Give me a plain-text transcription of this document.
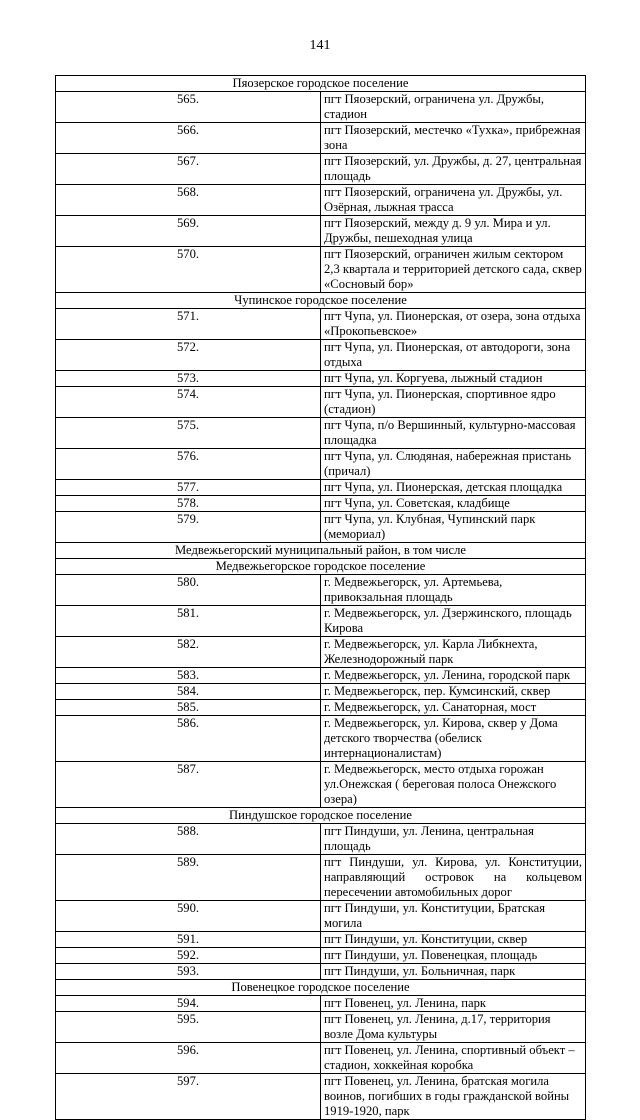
141
Пяозерское городское поселение	
565.	пгт Пяозерский, ограничена ул. Дружбы, стадион
566.	пгт Пяозерский, местечко «Тухка», прибрежная зона
567.	пгт Пяозерский, ул. Дружбы, д. 27, центральная площадь
568.	пгт Пяозерский, ограничена ул. Дружбы, ул. Озёрная, лыжная трасса
569.	пгт Пяозерский, между д. 9 ул. Мира и ул. Дружбы, пешеходная улица
570.	пгт Пяозерский, ограничен жилым сектором 2,3 квартала и территорией детского сада, сквер «Сосновый бор»
Чупинское городское поселение	
571.	пгт Чупа, ул. Пионерская, от озера, зона отдыха «Прокопьевское»
572.	пгт Чупа, ул. Пионерская, от автодороги, зона отдыха
573.	пгт Чупа, ул. Коргуева, лыжный стадион
574.	пгт Чупа, ул. Пионерская, спортивное ядро (стадион)
575.	пгт Чупа, п/о Вершинный, культурно-массовая площадка
576.	пгт Чупа, ул. Слюдяная, набережная пристань (причал)
577.	пгт Чупа, ул. Пионерская, детская площадка
578.	пгт Чупа, ул. Советская, кладбище
579.	пгт Чупа, ул. Клубная, Чупинский парк (мемориал)
Медвежьегорский муниципальный район, в том числе	
Медвежьегорское городское поселение	
580.	г. Медвежьегорск, ул. Артемьева, привокзальная площадь
581.	г. Медвежьегорск, ул. Дзержинского, площадь Кирова
582.	г. Медвежьегорск, ул. Карла Либкнехта, Железнодорожный парк
583.	г. Медвежьегорск, ул. Ленина, городской парк
584.	г. Медвежьегорск, пер. Кумсинский, сквер
585.	г. Медвежьегорск, ул. Санаторная, мост
586.	г. Медвежьегорск, ул. Кирова, сквер у Дома детского творчества (обелиск интернационалистам)
587.	г. Медвежьегорск, место отдыха горожан ул.Онежская ( береговая полоса Онежского озера)
Пиндушское городское поселение	
588.	пгт Пиндуши, ул. Ленина, центральная площадь
589.	пгт Пиндуши, ул. Кирова, ул. Конституции, направляющий островок на кольцевом пересечении автомобильных дорог
590.	пгт Пиндуши, ул. Конституции, Братская могила
591.	пгт Пиндуши, ул. Конституции, сквер
592.	пгт Пиндуши, ул. Повенецкая, площадь
593.	пгт Пиндуши, ул. Больничная, парк
Повенецкое городское поселение	
594.	пгт Повенец, ул. Ленина, парк
595.	пгт Повенец, ул. Ленина, д.17, территория возле Дома культуры
596.	пгт Повенец, ул. Ленина, спортивный объект – стадион, хоккейная коробка
597.	пгт Повенец, ул. Ленина, братская могила воинов, погибших в годы гражданской войны 1919-1920, парк
